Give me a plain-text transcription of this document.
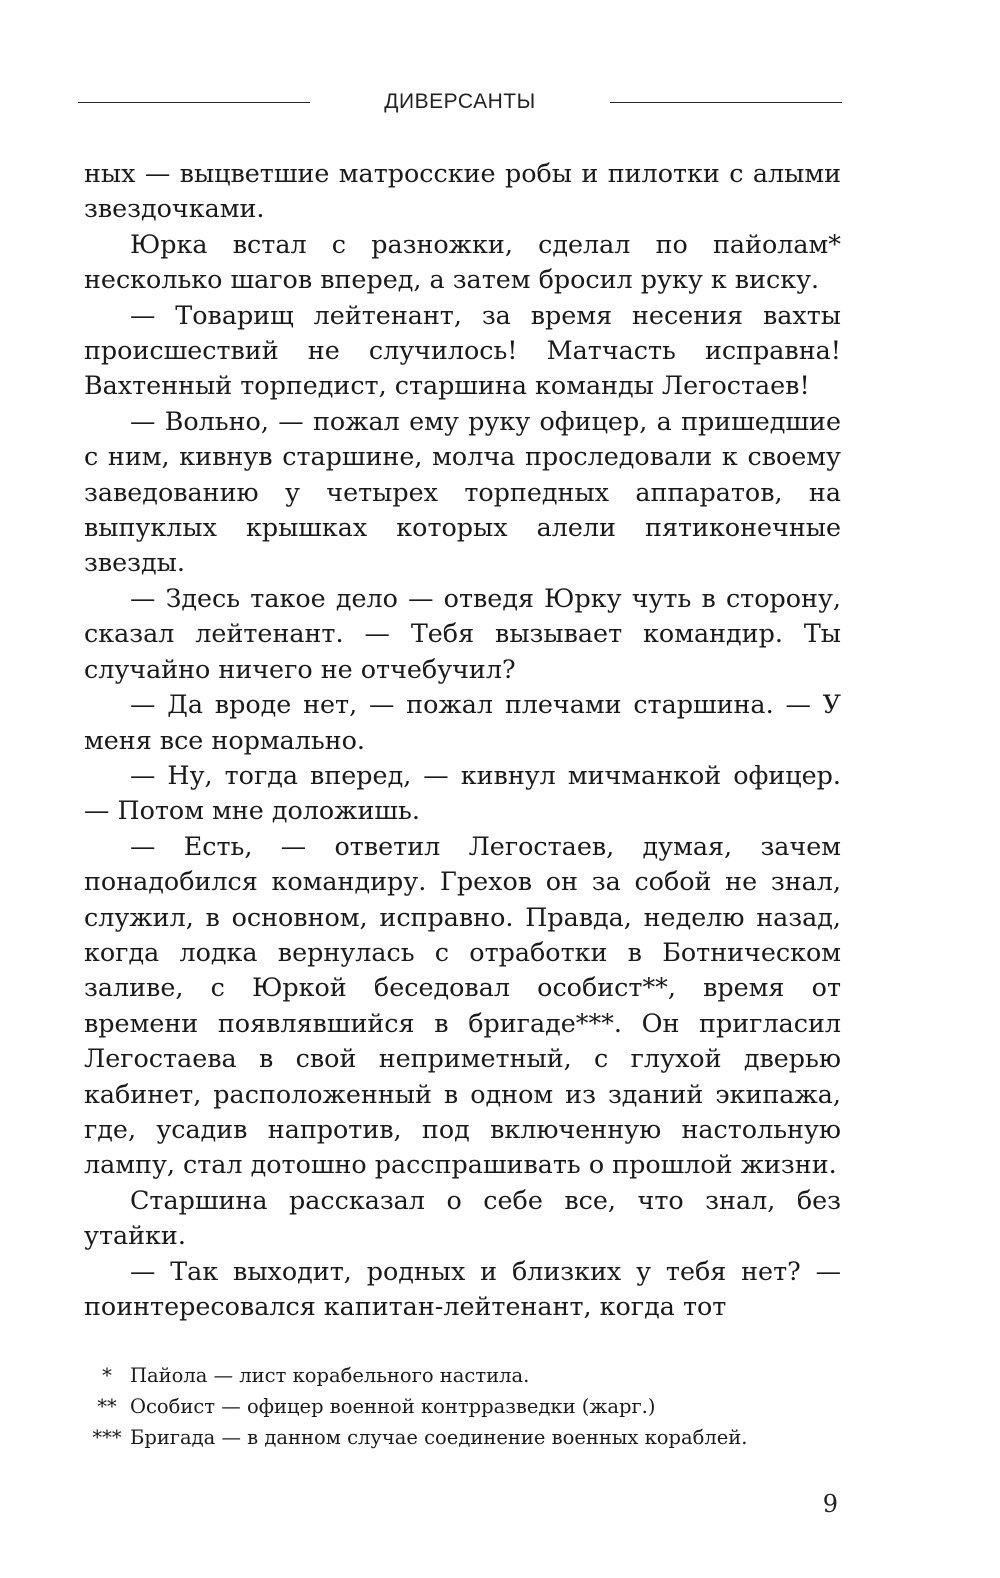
ДИВЕРСАНТЫ

ных — выцветшие матросские робы и пилотки с алыми звездочками.

Юрка встал с разножки, сделал по пайолам* несколько шагов вперед, а затем бросил руку к виску.

— Товарищ лейтенант, за время несения вахты происшествий не случилось! Матчасть исправна! Вахтенный торпедист, старшина команды Легостаев!

— Вольно, — пожал ему руку офицер, а пришедшие с ним, кивнув старшине, молча проследовали к своему заведованию у четырех торпедных аппаратов, на выпуклых крышках которых алели пятиконечные звезды.

— Здесь такое дело — отведя Юрку чуть в сторону, сказал лейтенант. — Тебя вызывает командир. Ты случайно ничего не отчебучил?

— Да вроде нет, — пожал плечами старшина. — У меня все нормально.

— Ну, тогда вперед, — кивнул мичманкой офицер. — Потом мне доложишь.

— Есть, — ответил Легостаев, думая, зачем понадобился командиру. Грехов он за собой не знал, служил, в основном, исправно. Правда, неделю назад, когда лодка вернулась с отработки в Ботническом заливе, с Юркой беседовал особист**, время от времени появлявшийся в бригаде***. Он пригласил Легостаева в свой неприметный, с глухой дверью кабинет, расположенный в одном из зданий экипажа, где, усадив напротив, под включенную настольную лампу, стал дотошно расспрашивать о прошлой жизни.

Старшина рассказал о себе все, что знал, без утайки.

— Так выходит, родных и близких у тебя нет? — поинтересовался капитан-лейтенант, когда тот

* Пайола — лист корабельного настила.

** Особист — офицер военной контрразведки (жарг.)

*** Бригада — в данном случае соединение военных кораблей.

9
